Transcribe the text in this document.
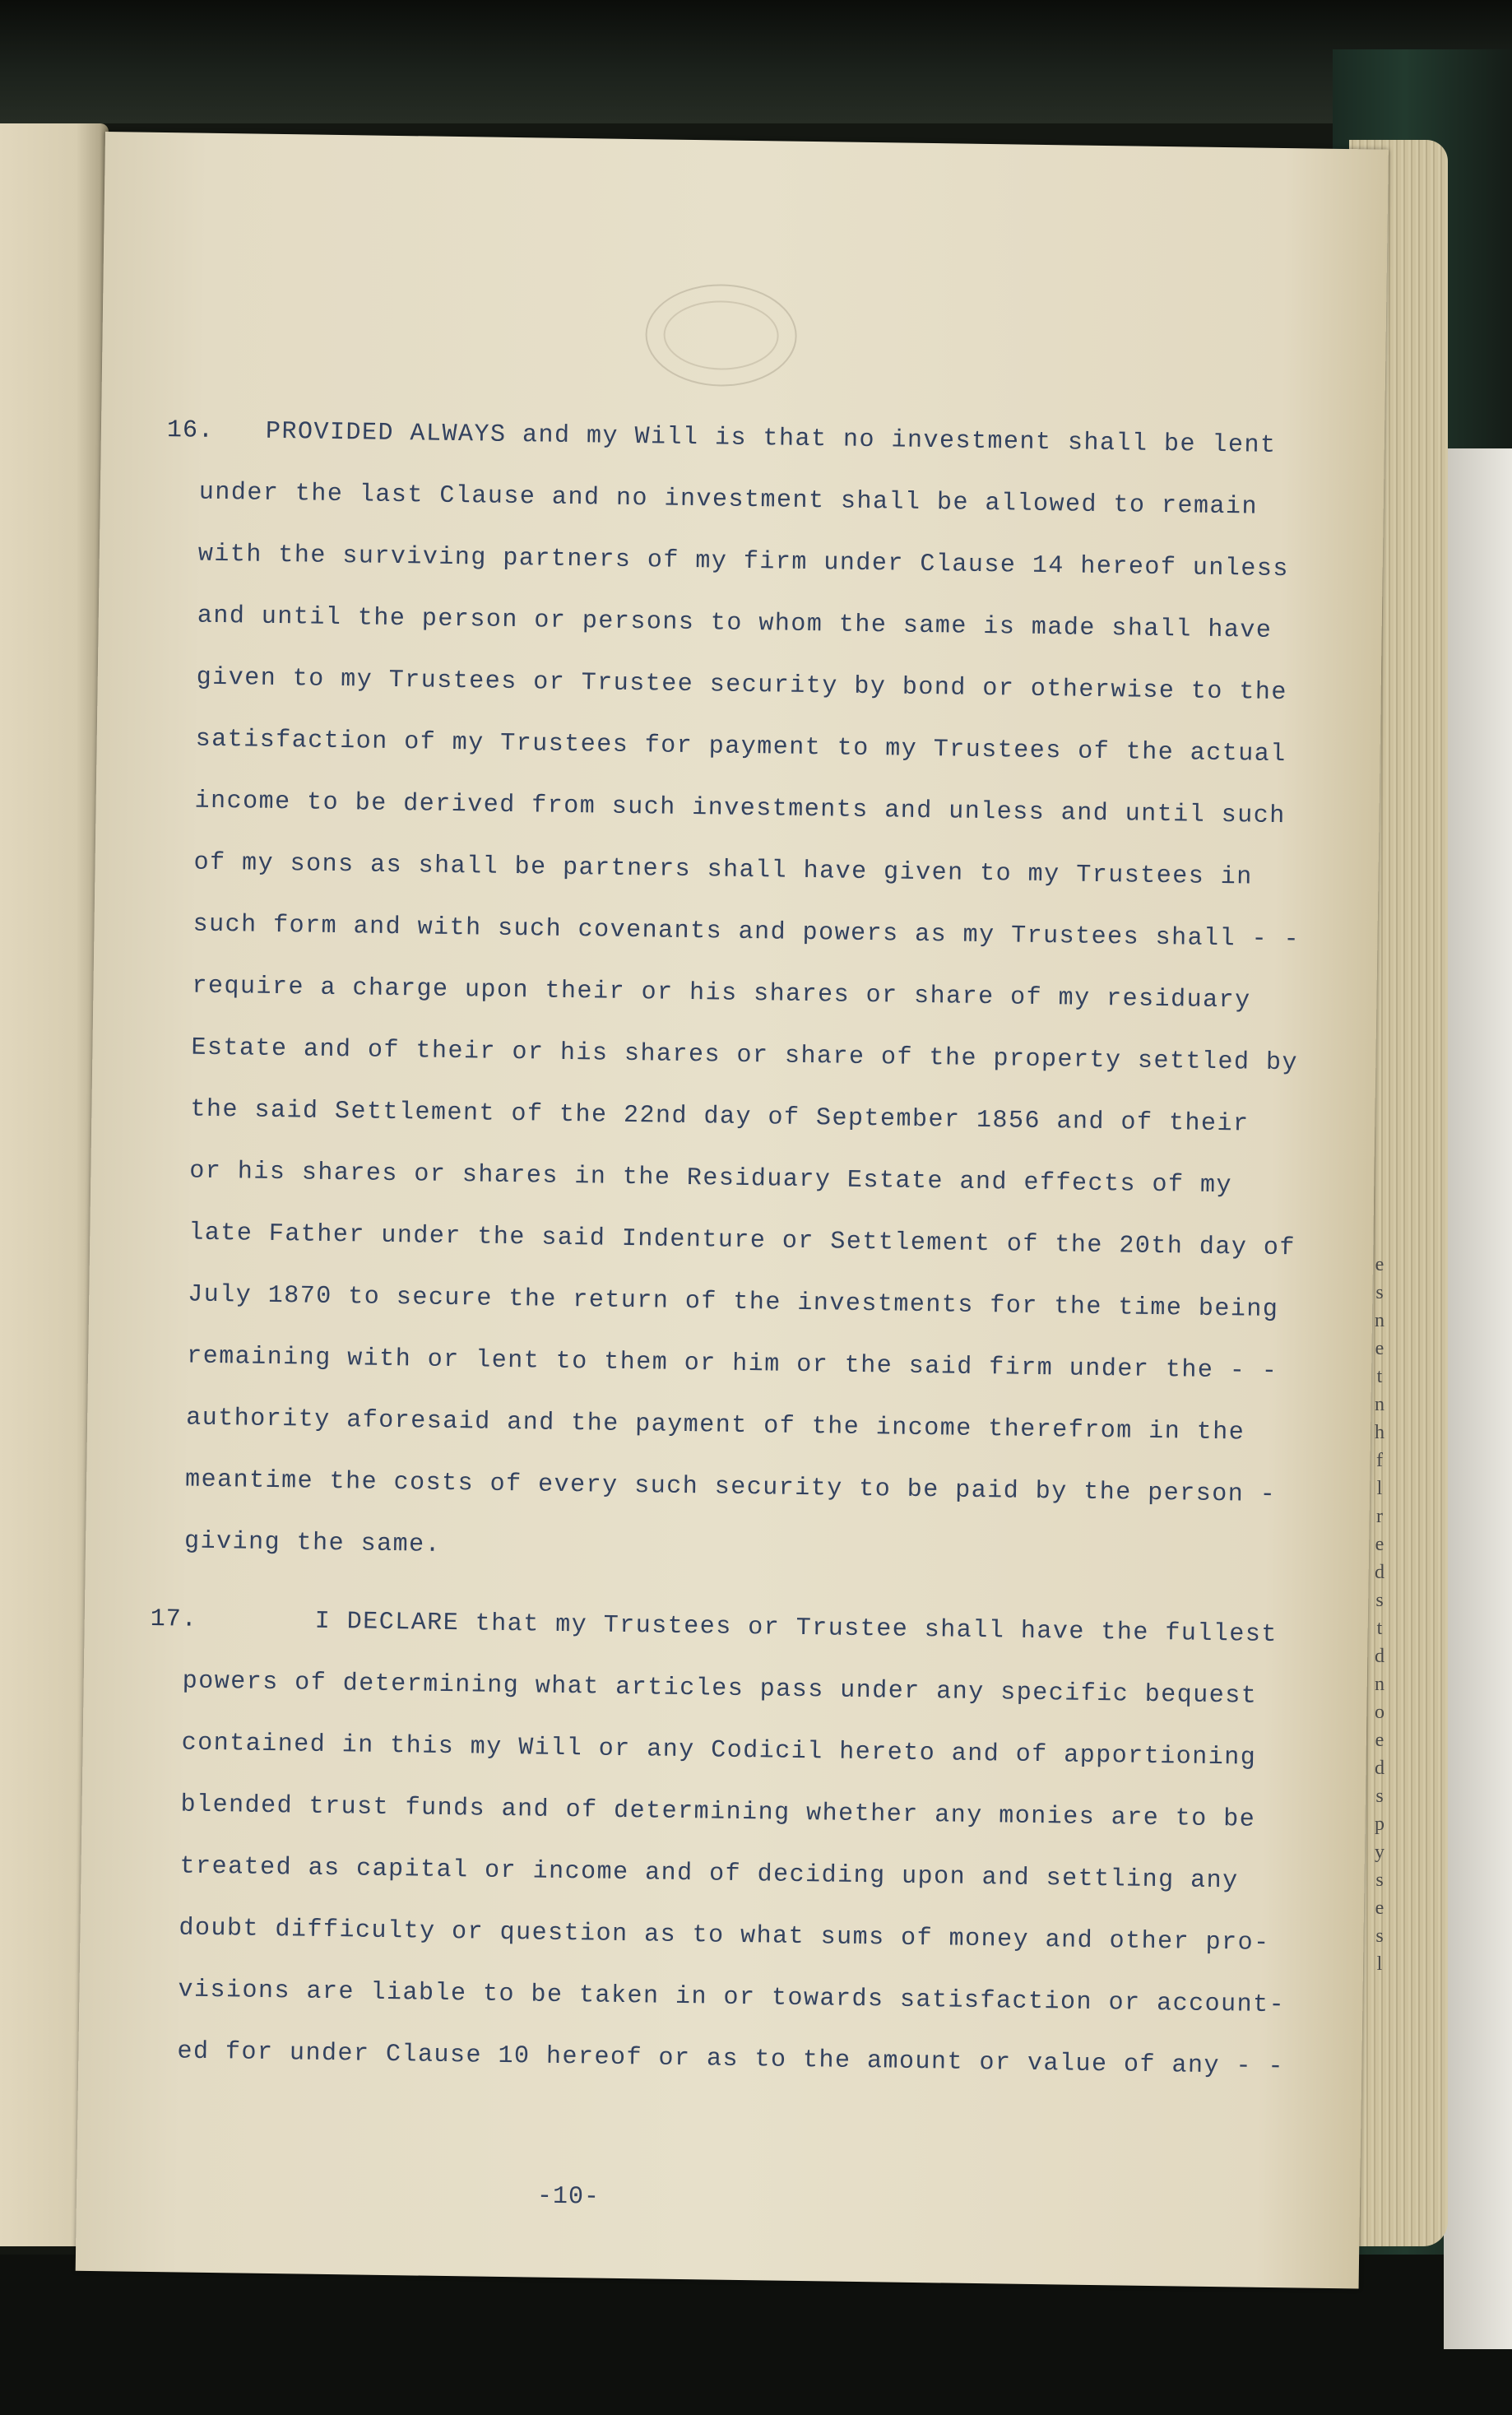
e
s
n
e
t
n
h
f
l
r
e
d
s
t
d
n
o
e
d
s
p
y
s
e
s
l
16. PROVIDED ALWAYS and my Will is that no investment shall be lent
under the last Clause and no investment shall be allowed to remain
with the surviving partners of my firm under Clause 14 hereof unless
and until the person or persons to whom the same is made shall have
given to my Trustees or Trustee security by bond or otherwise to the
satisfaction of my Trustees for payment to my Trustees of the actual
income to be derived from such investments and unless and until such
of my sons as shall be partners shall have given to my Trustees in
such form and with such covenants and powers as my Trustees shall - -
require a charge upon their or his shares or share of my residuary
Estate and of their or his shares or share of the property settled by
the said Settlement of the 22nd day of September 1856 and of their
or his shares or shares in the Residuary Estate and effects of my
late Father under the said Indenture or Settlement of the 20th day of
July 1870 to secure the return of the investments for the time being
remaining with or lent to them or him or the said firm under the - -
authority aforesaid and the payment of the income therefrom in the
meantime the costs of every such security to be paid by the person -
giving the same.
17.	I DECLARE that my Trustees or Trustee shall have the fullest
powers of determining what articles pass under any specific bequest
contained in this my Will or any Codicil hereto and of apportioning
blended trust funds and of determining whether any monies are to be
treated as capital or income and of deciding upon and settling any
doubt difficulty or question as to what sums of money and other pro-
visions are liable to be taken in or towards satisfaction or account-
ed for under Clause 10 hereof or as to the amount or value of any - -
-10-
